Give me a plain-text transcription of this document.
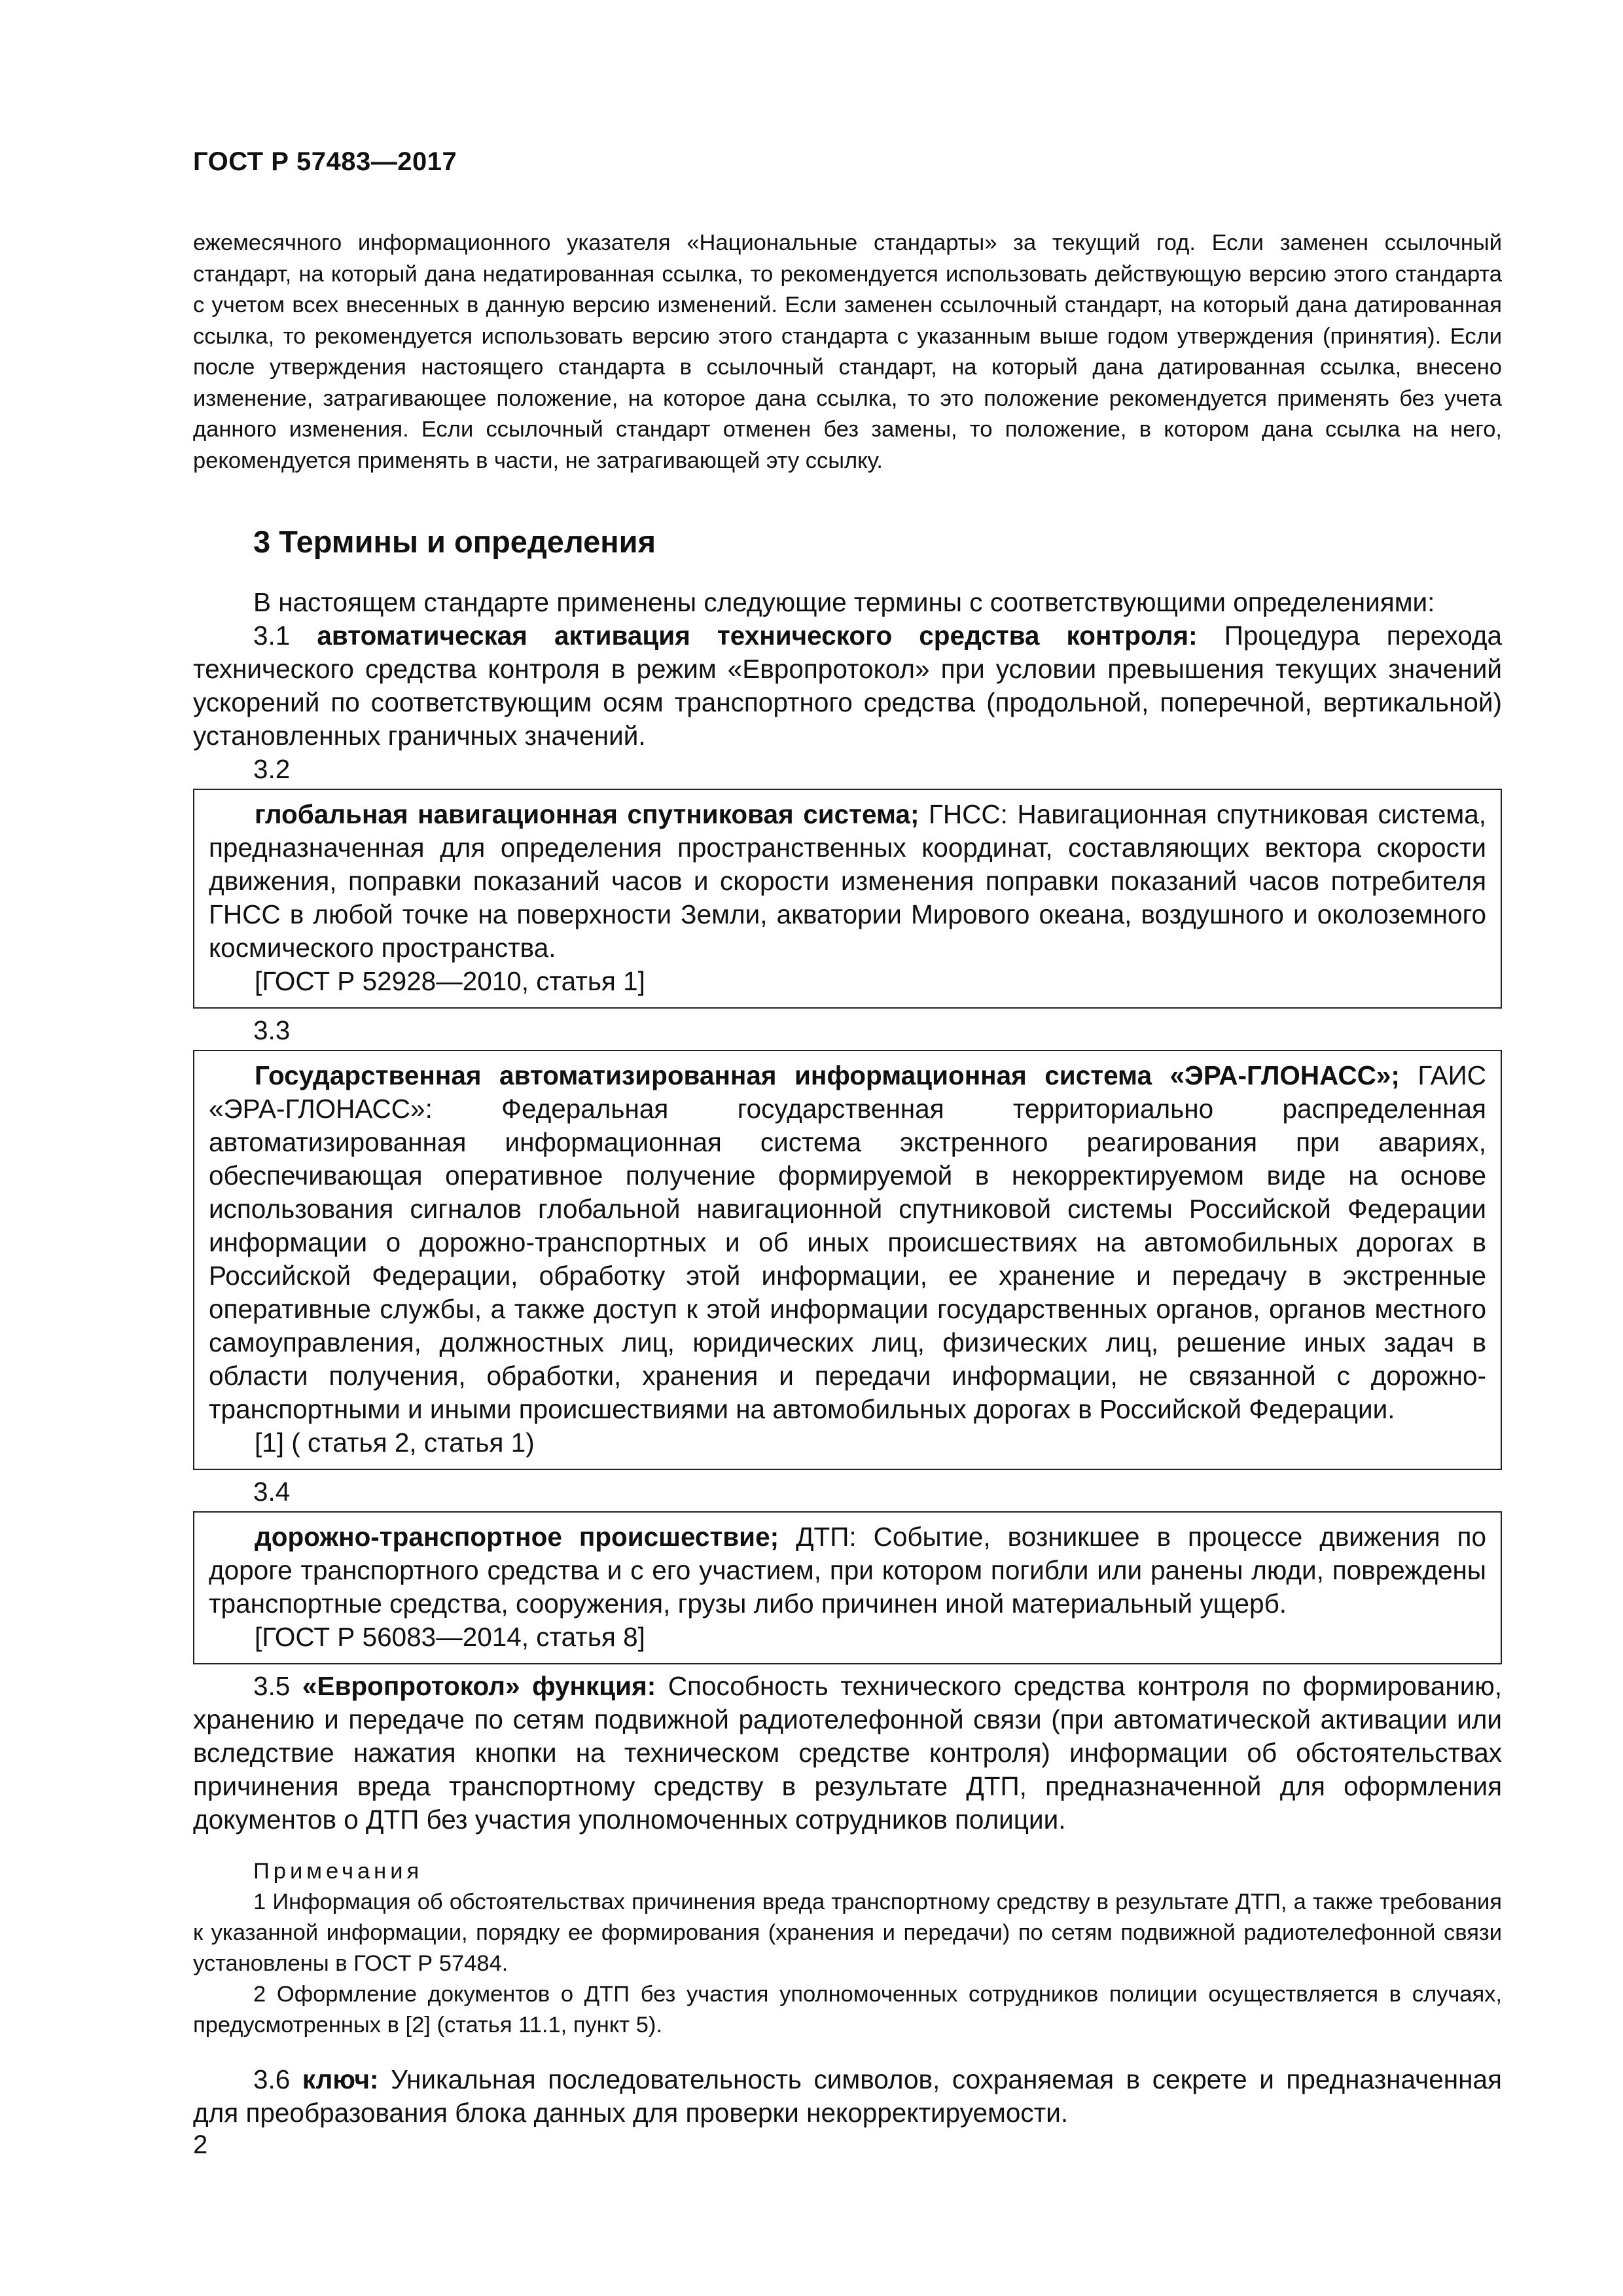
ГОСТ Р 57483—2017

ежемесячного информационного указателя «Национальные стандарты» за текущий год. Если заменен ссылочный стандарт, на который дана недатированная ссылка, то рекомендуется использовать действующую версию этого стандарта с учетом всех внесенных в данную версию изменений. Если заменен ссылочный стандарт, на который дана датированная ссылка, то рекомендуется использовать версию этого стандарта с указанным выше годом утверждения (принятия). Если после утверждения настоящего стандарта в ссылочный стандарт, на который дана датированная ссылка, внесено изменение, затрагивающее положение, на которое дана ссылка, то это положение рекомендуется применять без учета данного изменения. Если ссылочный стандарт отменен без замены, то положение, в котором дана ссылка на него, рекомендуется применять в части, не затрагивающей эту ссылку.

3 Термины и определения

В настоящем стандарте применены следующие термины с соответствующими определениями:

3.1 автоматическая активация технического средства контроля: Процедура перехода технического средства контроля в режим «Европротокол» при условии превышения текущих значений ускорений по соответствующим осям транспортного средства (продольной, поперечной, вертикальной) установленных граничных значений.

3.2

глобальная навигационная спутниковая система; ГНСС: Навигационная спутниковая система, предназначенная для определения пространственных координат, составляющих вектора скорости движения, поправки показаний часов и скорости изменения поправки показаний часов потребителя ГНСС в любой точке на поверхности Земли, акватории Мирового океана, воздушного и околоземного космического пространства.

[ГОСТ Р 52928—2010, статья 1]
3.3

Государственная автоматизированная информационная система «ЭРА-ГЛОНАСС»; ГАИС «ЭРА-ГЛОНАСС»: Федеральная государственная территориально распределенная автоматизированная информационная система экстренного реагирования при авариях, обеспечивающая оперативное получение формируемой в некорректируемом виде на основе использования сигналов глобальной навигационной спутниковой системы Российской Федерации информации о дорожно-транспортных и об иных происшествиях на автомобильных дорогах в Российской Федерации, обработку этой информации, ее хранение и передачу в экстренные оперативные службы, а также доступ к этой информации государственных органов, органов местного самоуправления, должностных лиц, юридических лиц, физических лиц, решение иных задач в области получения, обработки, хранения и передачи информации, не связанной с дорожно-транспортными и иными происшествиями на автомобильных дорогах в Российской Федерации.

[1] ( статья 2, статья 1)
3.4

дорожно-транспортное происшествие; ДТП: Событие, возникшее в процессе движения по дороге транспортного средства и с его участием, при котором погибли или ранены люди, повреждены транспортные средства, сооружения, грузы либо причинен иной материальный ущерб.

[ГОСТ Р 56083—2014, статья 8]

3.5 «Европротокол» функция: Способность технического средства контроля по формированию, хранению и передаче по сетям подвижной радиотелефонной связи (при автоматической активации или вследствие нажатия кнопки на техническом средстве контроля) информации об обстоятельствах причинения вреда транспортному средству в результате ДТП, предназначенной для оформления документов о ДТП без участия уполномоченных сотрудников полиции.

Примечания

1 Информация об обстоятельствах причинения вреда транспортному средству в результате ДТП, а также требования к указанной информации, порядку ее формирования (хранения и передачи) по сетям подвижной радиотелефонной связи установлены в ГОСТ Р 57484.

2 Оформление документов о ДТП без участия уполномоченных сотрудников полиции осуществляется в случаях, предусмотренных в [2] (статья 11.1, пункт 5).

3.6 ключ: Уникальная последовательность символов, сохраняемая в секрете и предназначенная для преобразования блока данных для проверки некорректируемости.

2
